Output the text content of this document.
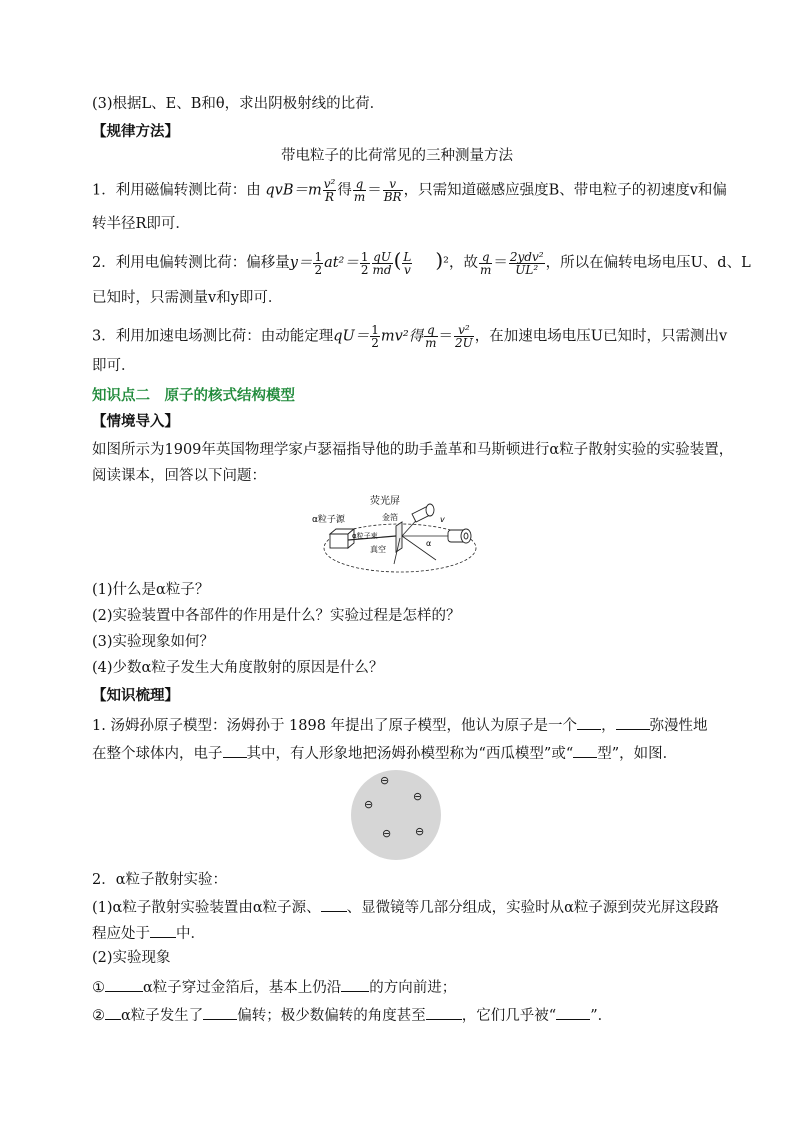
(3)根据L、E、B和θ，求出阴极射线的比荷．
【规律方法】
带电粒子的比荷常见的三种测量方法
1．利用磁偏转测比荷：由 $qvB=m \frac{\text{v²}}{R}$ 得 $\frac{q}{m} = \frac{v}{BR}$ ，只需知道磁感应强度B、带电粒子的初速度v和偏
转半径R即可．
2．利用电偏转测比荷：偏移量$y= \frac{1}{2} at^2= \frac{1}{2} \frac{qU}{md}$ ( $\frac{L}{v} )^2$，故 $\frac{q}{m} = \frac{\text{2ydv²}}{\text{UL²}}$ ，所以在偏转电场电压U、d、L
已知时，只需测量v和y即可．
3．利用加速电场测比荷：由动能定理$qU= \frac{1}{2} mv^2$得 $\frac{q}{m} = \frac{\text{v²}}{2U}$ ，在加速电场电压U已知时，只需测出v
即可．
知识点二　原子的核式结构模型
【情境导入】
如图所示为1909年英国物理学家卢瑟福指导他的助手盖革和马斯顿进行α粒子散射实验的实验装置，
阅读课本，回答以下问题：
荧光屏
α粒子源	金箔
α粒子束
真空
α
v
(1)什么是α粒子？
(2)实验装置中各部件的作用是什么？实验过程是怎样的？
(3)实验现象如何？
(4)少数α粒子发生大角度散射的原因是什么？
【知识梳理】
1. 汤姆孙原子模型：汤姆孙于 1898 年提出了原子模型，他认为原子是一个 ， 弥漫性地
在整个球体内，电子 其中，有人形象地把汤姆孙模型称为“西瓜模型”或“ 型”，如图．
⊖
⊖
⊖
⊖ ⊖
2．α粒子散射实验：
(1)α粒子散射实验装置由α粒子源、 、显微镜等几部分组成，实验时从α粒子源到荧光屏这段路
程应处于 中．
(2)实验现象
①	α粒子穿过金箔后，基本上仍沿 的方向前进；
② α粒子发生了 偏转；极少数偏转的角度甚至 ，它们几乎被“ ”．
